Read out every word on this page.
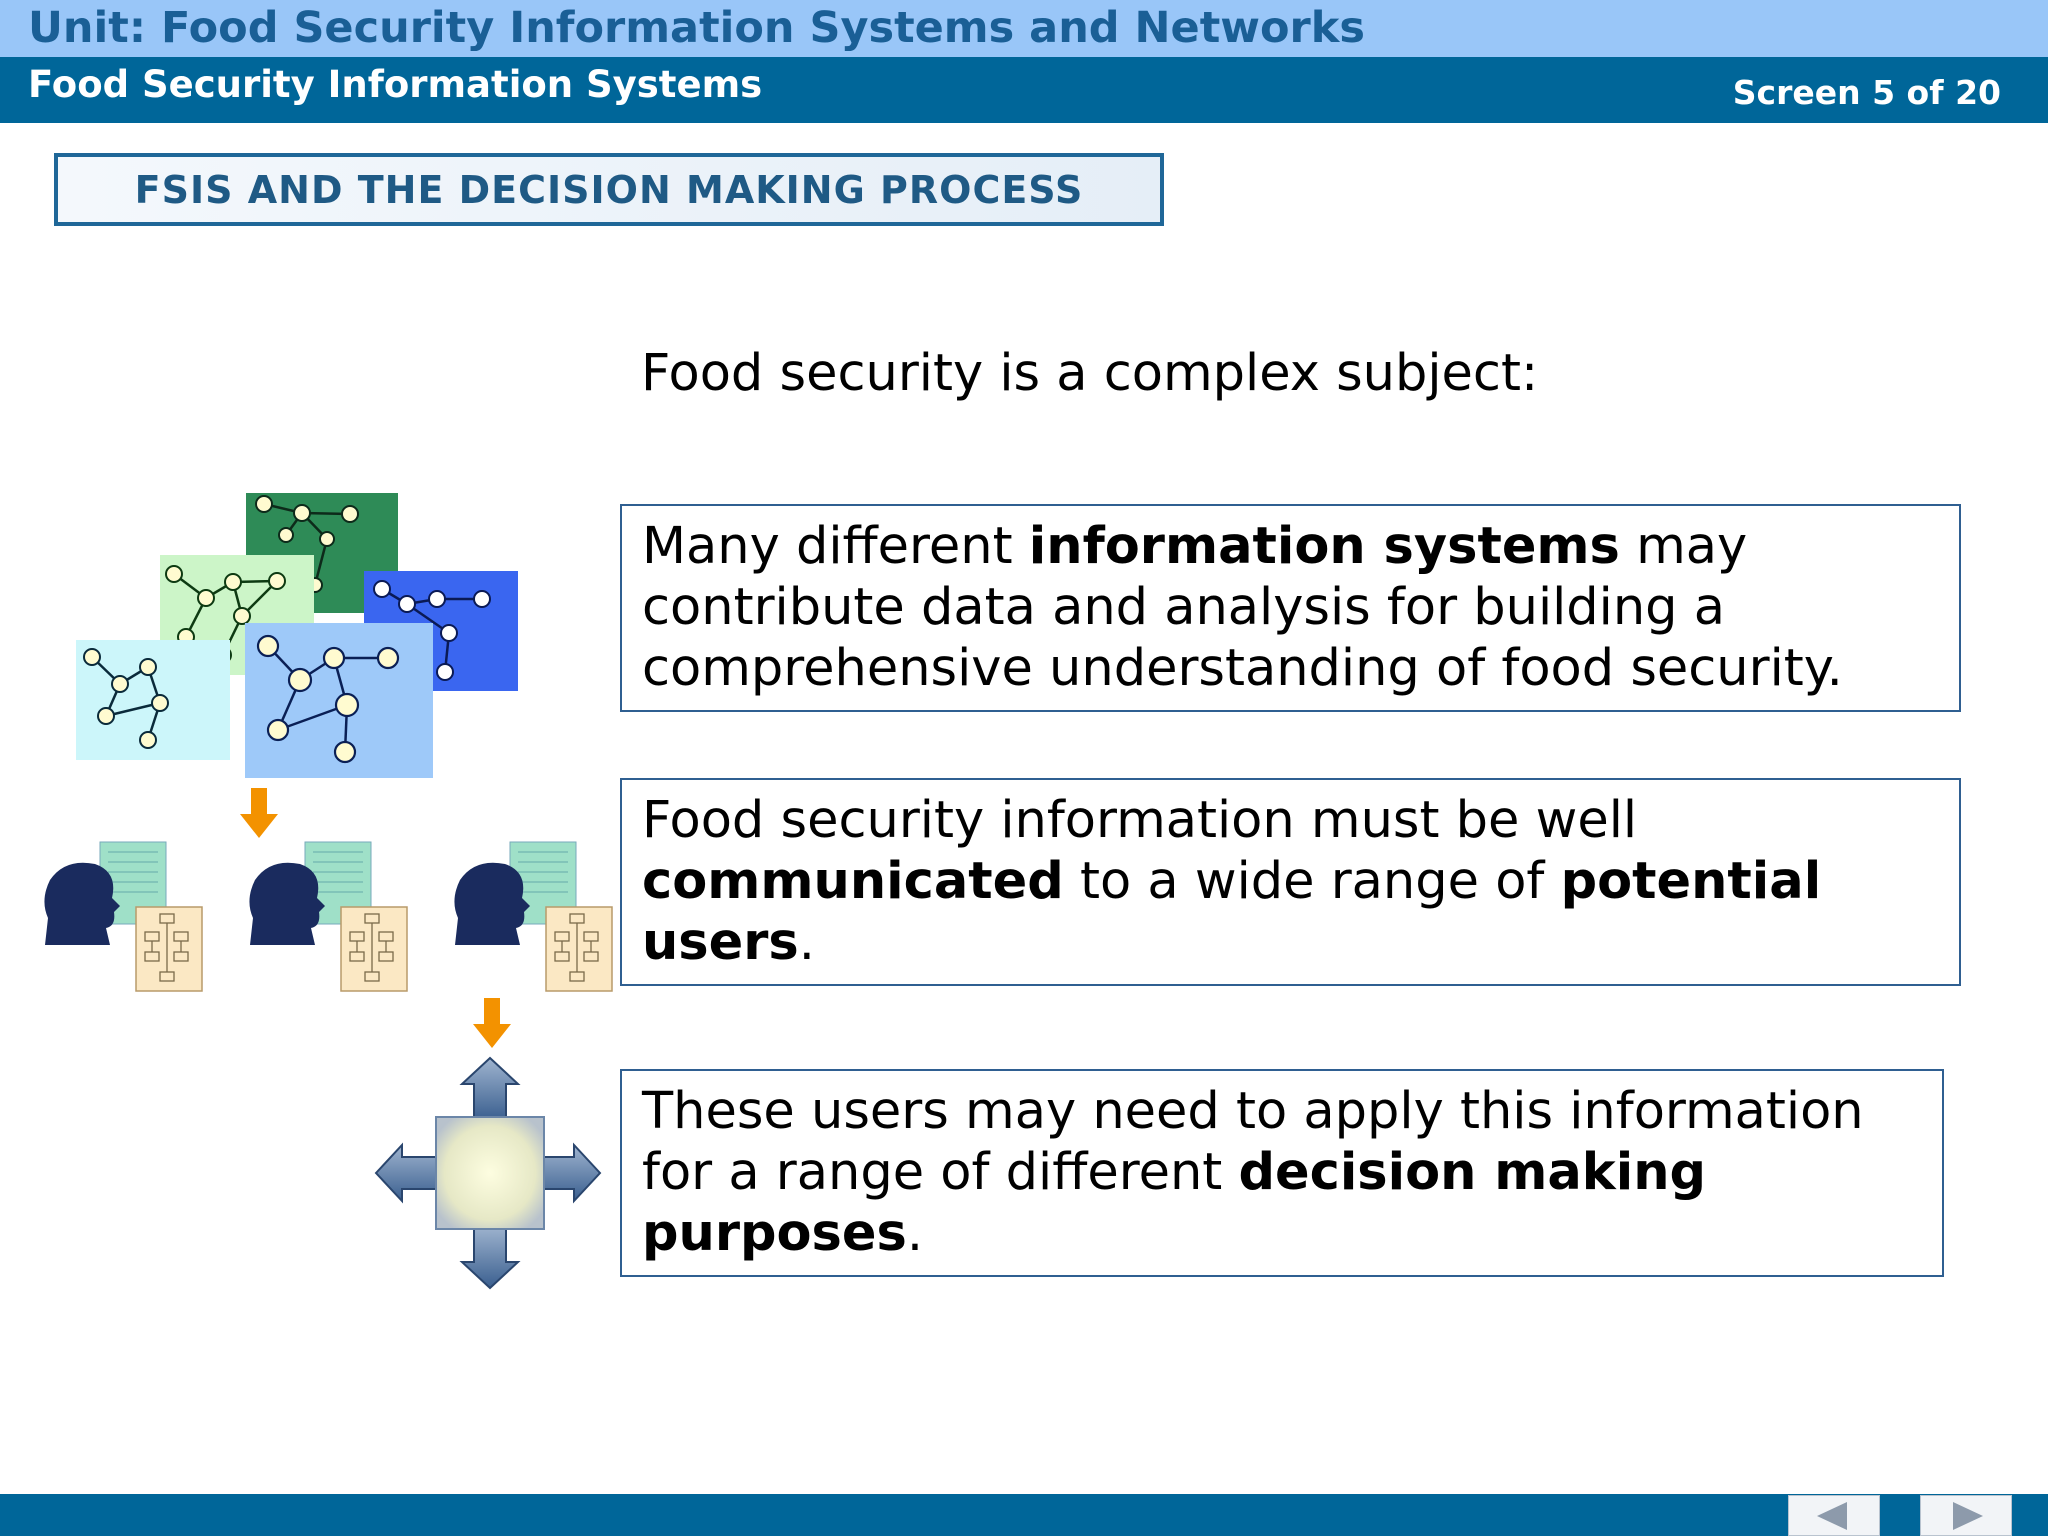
Unit: Food Security Information Systems and Networks
Food Security Information Systems	Screen 5 of 20
FSIS AND THE DECISION MAKING PROCESS
Food security is a complex subject:
Many different information systems may contribute data and analysis for building a comprehensive understanding of food security.
Food security information must be well communicated to a wide range of potential users.
These users may need to apply this information for a range of different decision making purposes.
